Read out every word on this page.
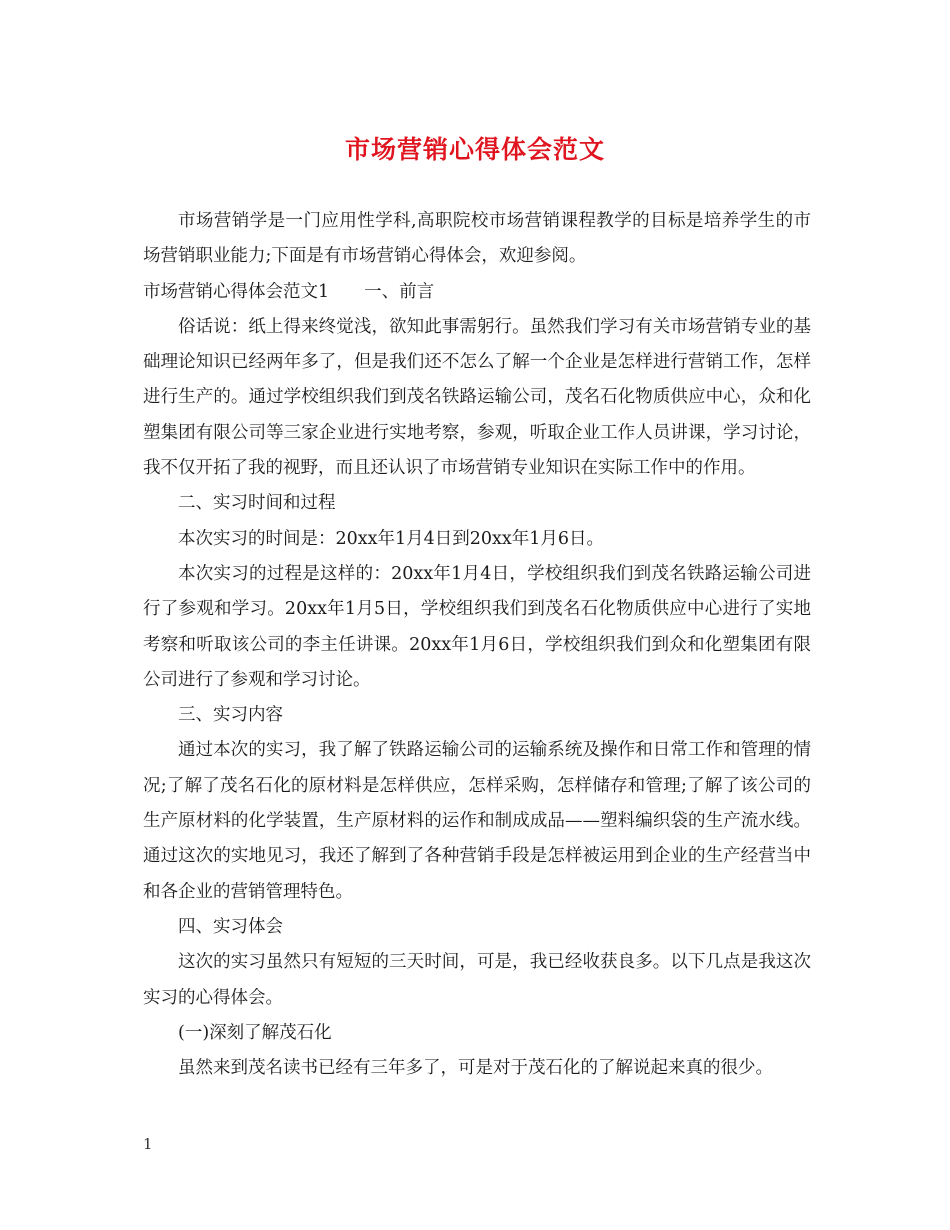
市场营销心得体会范文

市场营销学是一门应用性学科,高职院校市场营销课程教学的目标是培养学生的市场营销职业能力;下面是有市场营销心得体会，欢迎参阅。

市场营销心得体会范文1　　一、前言

俗话说：纸上得来终觉浅，欲知此事需躬行。虽然我们学习有关市场营销专业的基础理论知识已经两年多了，但是我们还不怎么了解一个企业是怎样进行营销工作，怎样进行生产的。通过学校组织我们到茂名铁路运输公司，茂名石化物质供应中心，众和化塑集团有限公司等三家企业进行实地考察，参观，听取企业工作人员讲课，学习讨论，我不仅开拓了我的视野，而且还认识了市场营销专业知识在实际工作中的作用。

二、实习时间和过程

本次实习的时间是：20xx年1月4日到20xx年1月6日。

本次实习的过程是这样的：20xx年1月4日，学校组织我们到茂名铁路运输公司进行了参观和学习。20xx年1月5日，学校组织我们到茂名石化物质供应中心进行了实地考察和听取该公司的李主任讲课。20xx年1月6日，学校组织我们到众和化塑集团有限公司进行了参观和学习讨论。

三、实习内容

通过本次的实习，我了解了铁路运输公司的运输系统及操作和日常工作和管理的情况;了解了茂名石化的原材料是怎样供应，怎样采购，怎样储存和管理;了解了该公司的生产原材料的化学装置，生产原材料的运作和制成成品——塑料编织袋的生产流水线。通过这次的实地见习，我还了解到了各种营销手段是怎样被运用到企业的生产经营当中和各企业的营销管理特色。

四、实习体会

这次的实习虽然只有短短的三天时间，可是，我已经收获良多。以下几点是我这次实习的心得体会。

(一)深刻了解茂石化

虽然来到茂名读书已经有三年多了，可是对于茂石化的了解说起来真的很少。

1
